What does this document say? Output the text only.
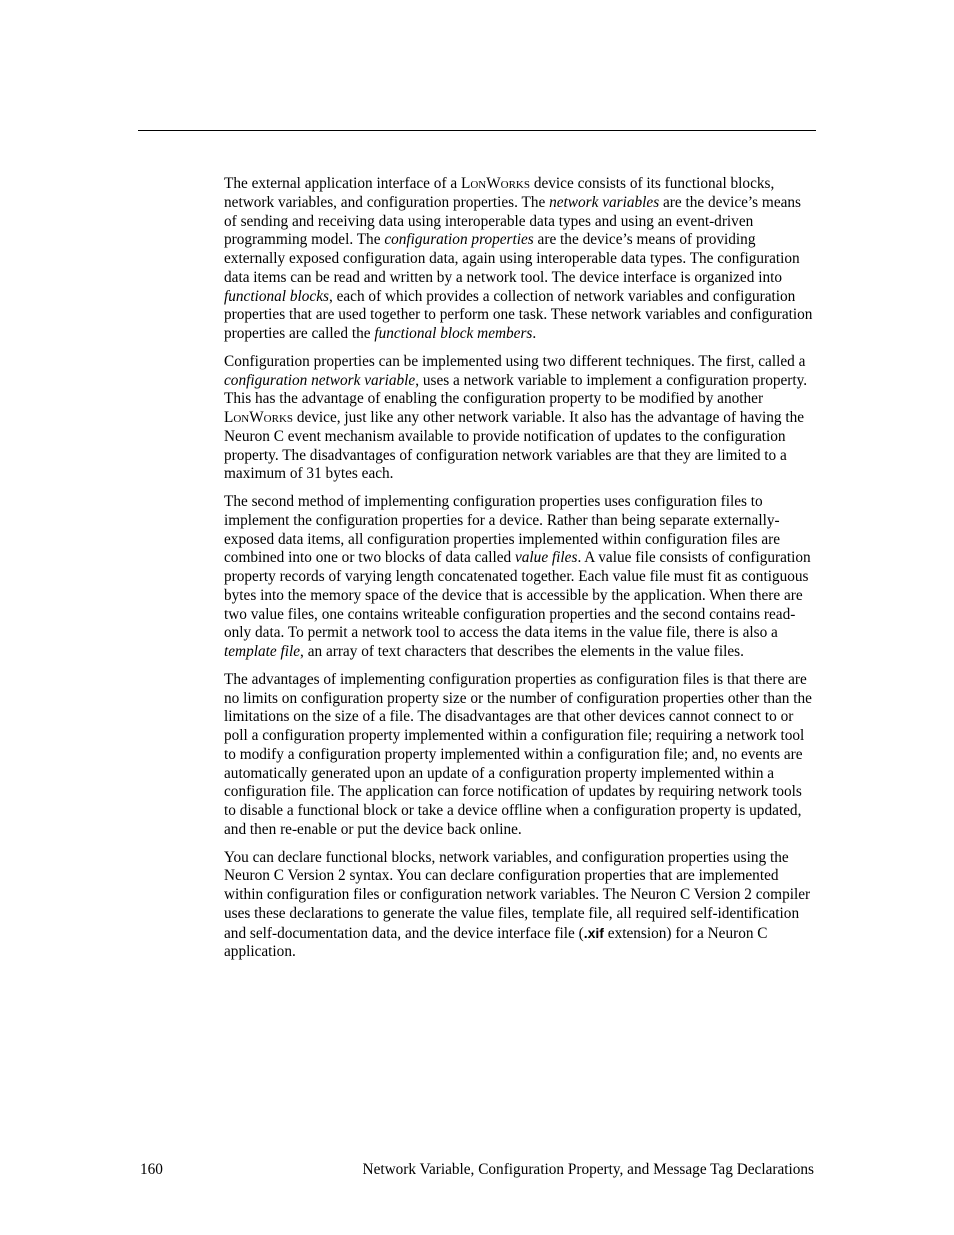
The external application interface of a LonWorks device consists of its functional blocks, network variables, and configuration properties. The network variables are the device’s means of sending and receiving data using interoperable data types and using an event-driven programming model. The configuration properties are the device’s means of providing externally exposed configuration data, again using interoperable data types. The configuration data items can be read and written by a network tool. The device interface is organized into functional blocks, each of which provides a collection of network variables and configuration properties that are used together to perform one task. These network variables and configuration properties are called the functional block members.

Configuration properties can be implemented using two different techniques. The first, called a configuration network variable, uses a network variable to implement a configuration property. This has the advantage of enabling the configuration property to be modified by another LonWorks device, just like any other network variable. It also has the advantage of having the Neuron C event mechanism available to provide notification of updates to the configuration property. The disadvantages of configuration network variables are that they are limited to a maximum of 31 bytes each.

The second method of implementing configuration properties uses configuration files to implement the configuration properties for a device. Rather than being separate externally-exposed data items, all configuration properties implemented within configuration files are combined into one or two blocks of data called value files. A value file consists of configuration property records of varying length concatenated together. Each value file must fit as contiguous bytes into the memory space of the device that is accessible by the application. When there are two value files, one contains writeable configuration properties and the second contains read-only data. To permit a network tool to access the data items in the value file, there is also a template file, an array of text characters that describes the elements in the value files.

The advantages of implementing configuration properties as configuration files is that there are no limits on configuration property size or the number of configuration properties other than the limitations on the size of a file. The disadvantages are that other devices cannot connect to or poll a configuration property implemented within a configuration file; requiring a network tool to modify a configuration property implemented within a configuration file; and, no events are automatically generated upon an update of a configuration property implemented within a configuration file. The application can force notification of updates by requiring network tools to disable a functional block or take a device offline when a configuration property is updated, and then re-enable or put the device back online.

You can declare functional blocks, network variables, and configuration properties using the Neuron C Version 2 syntax. You can declare configuration properties that are implemented within configuration files or configuration network variables. The Neuron C Version 2 compiler uses these declarations to generate the value files, template file, all required self-identification and self-documentation data, and the device interface file (.xif extension) for a Neuron C application.

160	Network Variable, Configuration Property, and Message Tag Declarations
